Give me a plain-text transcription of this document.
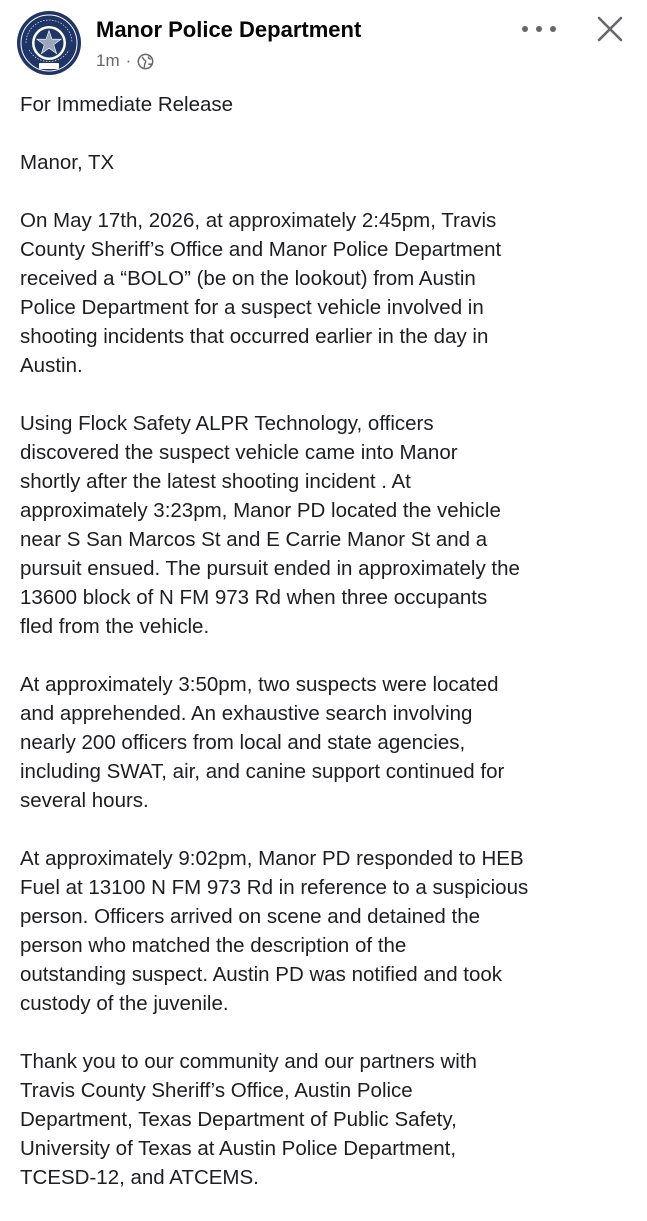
Manor Police Department
1m ·

For Immediate Release

Manor, TX

On May 17th, 2026, at approximately 2:45pm, Travis
County Sheriff’s Office and Manor Police Department
received a “BOLO” (be on the lookout) from Austin
Police Department for a suspect vehicle involved in
shooting incidents that occurred earlier in the day in
Austin.

Using Flock Safety ALPR Technology, officers
discovered the suspect vehicle came into Manor
shortly after the latest shooting incident . At
approximately 3:23pm, Manor PD located the vehicle
near S San Marcos St and E Carrie Manor St and a
pursuit ensued. The pursuit ended in approximately the
13600 block of N FM 973 Rd when three occupants
fled from the vehicle.

At approximately 3:50pm, two suspects were located
and apprehended. An exhaustive search involving
nearly 200 officers from local and state agencies,
including SWAT, air, and canine support continued for
several hours.

At approximately 9:02pm, Manor PD responded to HEB
Fuel at 13100 N FM 973 Rd in reference to a suspicious
person. Officers arrived on scene and detained the
person who matched the description of the
outstanding suspect. Austin PD was notified and took
custody of the juvenile.

Thank you to our community and our partners with
Travis County Sheriff’s Office, Austin Police
Department, Texas Department of Public Safety,
University of Texas at Austin Police Department,
TCESD-12, and ATCEMS.
